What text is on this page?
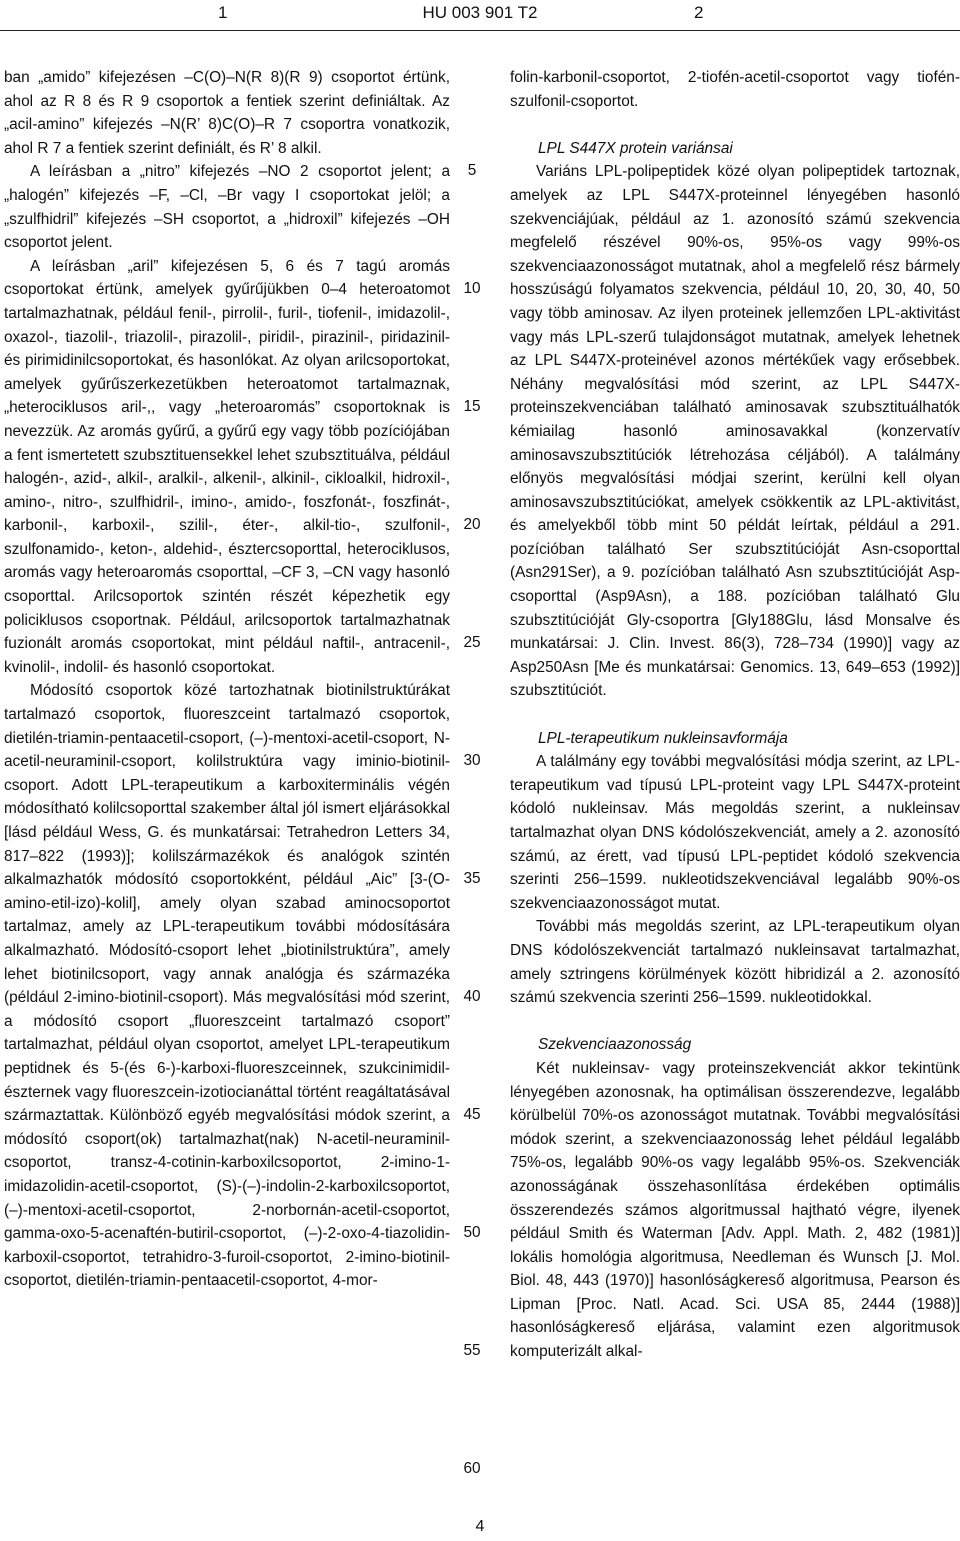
1	HU 003 901 T2	2
ban „amido” kifejezésen –C(O)–N(R 8)(R 9) csoportot értünk, ahol az R 8 és R 9 csoportok a fentiek szerint definiáltak. Az „acil-amino” kifejezés –N(R’ 8)C(O)–R 7 csoportra vonatkozik, ahol R 7 a fentiek szerint definiált, és R’ 8 alkil.
A leírásban a „nitro” kifejezés –NO 2 csoportot jelent; a „halogén” kifejezés –F, –Cl, –Br vagy I csoportokat jelöl; a „szulfhidril” kifejezés –SH csoportot, a „hidroxil” kifejezés –OH csoportot jelent.
A leírásban „aril” kifejezésen 5, 6 és 7 tagú aromás csoportokat értünk, amelyek gyűrűjükben 0–4 heteroatomot tartalmazhatnak, például fenil-, pirrolil-, furil-, tiofenil-, imidazolil-, oxazol-, tiazolil-, triazolil-, pirazolil-, piridil-, pirazinil-, piridazinil- és pirimidinilcsoportokat, és hasonlókat. Az olyan arilcsoportokat, amelyek gyűrűszerkezetükben heteroatomot tartalmaznak, „heterociklusos aril-,, vagy „heteroaromás” csoportoknak is nevezzük. Az aromás gyűrű, a gyűrű egy vagy több pozíciójában a fent ismertetett szubsztituensekkel lehet szubsztituálva, például halogén-, azid-, alkil-, aralkil-, alkenil-, alkinil-, cikloalkil, hidroxil-, amino-, nitro-, szulfhidril-, imino-, amido-, foszfonát-, foszfinát-, karbonil-, karboxil-, szilil-, éter-, alkil-tio-, szulfonil-, szulfonamido-, keton-, aldehid-, észtercsoporttal, heterociklusos, aromás vagy heteroaromás csoporttal, –CF 3, –CN vagy hasonló csoporttal. Arilcsoportok szintén részét képezhetik egy policiklusos csoportnak. Például, arilcsoportok tartalmazhatnak fuzionált aromás csoportokat, mint például naftil-, antracenil-, kvinolil-, indolil- és hasonló csoportokat.
Módosító csoportok közé tartozhatnak biotinilstruktúrákat tartalmazó csoportok, fluoreszceint tartalmazó csoportok, dietilén-triamin-pentaacetil-csoport, (–)-mentoxi-acetil-csoport, N-acetil-neuraminil-csoport, kolilstruktúra vagy iminio-biotinil-csoport. Adott LPL-terapeutikum a karboxiterminális végén módosítható kolilcsoporttal szakember által jól ismert eljárásokkal [lásd például Wess, G. és munkatársai: Tetrahedron Letters 34, 817–822 (1993)]; kolilszármazékok és analógok szintén alkalmazhatók módosító csoportokként, például „Aic” [3-(O-amino-etil-izo)-kolil], amely olyan szabad aminocsoportot tartalmaz, amely az LPL-terapeutikum további módosítására alkalmazható. Módosító-csoport lehet „biotinilstruktúra”, amely lehet biotinilcsoport, vagy annak analógja és származéka (például 2-imino-biotinil-csoport). Más megvalósítási mód szerint, a módosító csoport „fluoreszceint tartalmazó csoport” tartalmazhat, például olyan csoportot, amelyet LPL-terapeutikum peptidnek és 5-(és 6-)-karboxi-fluoreszceinnek, szukcinimidil-észternek vagy fluoreszcein-izotiocianáttal történt reagáltatásával származtattak. Különböző egyéb megvalósítási módok szerint, a módosító csoport(ok) tartalmazhat(nak) N-acetil-neuraminil-csoportot, transz-4-cotinin-karboxilcsoportot, 2-imino-1-imidazolidin-acetil-csoportot, (S)-(–)-indolin-2-karboxilcsoportot, (–)-mentoxi-acetil-csoportot, 2-norbornán-acetil-csoportot, gamma-oxo-5-acenaftén-butiril-csoportot, (–)-2-oxo-4-tiazolidin-karboxil-csoportot, tetrahidro-3-furoil-csoportot, 2-imino-biotinil-csoportot, dietilén-triamin-pentaacetil-csoportot, 4-mor-
folin-karbonil-csoportot, 2-tiofén-acetil-csoportot vagy tiofén-szulfonil-csoportot.
LPL S447X protein variánsai
Variáns LPL-polipeptidek közé olyan polipeptidek tartoznak, amelyek az LPL S447X-proteinnel lényegében hasonló szekvenciájúak, például az 1. azonosító számú szekvencia megfelelő részével 90%-os, 95%-os vagy 99%-os szekvenciaazonosságot mutatnak, ahol a megfelelő rész bármely hosszúságú folyamatos szekvencia, például 10, 20, 30, 40, 50 vagy több aminosav. Az ilyen proteinek jellemzően LPL-aktivitást vagy más LPL-szerű tulajdonságot mutatnak, amelyek lehetnek az LPL S447X-proteinével azonos mértékűek vagy erősebbek. Néhány megvalósítási mód szerint, az LPL S447X-proteinszekvenciában található aminosavak szubsztituálhatók kémiailag hasonló aminosavakkal (konzervatív aminosavszubsztitúciók létrehozása céljából). A találmány előnyös megvalósítási módjai szerint, kerülni kell olyan aminosavszubsztitúciókat, amelyek csökkentik az LPL-aktivitást, és amelyekből több mint 50 példát leírtak, például a 291. pozícióban található Ser szubsztitúcióját Asn-csoporttal (Asn291Ser), a 9. pozícióban található Asn szubsztitúcióját Asp-csoporttal (Asp9Asn), a 188. pozícióban található Glu szubsztitúcióját Gly-csoportra [Gly188Glu, lásd Monsalve és munkatársai: J. Clin. Invest. 86(3), 728–734 (1990)] vagy az Asp250Asn [Me és munkatársai: Genomics. 13, 649–653 (1992)] szubsztitúciót.
LPL-terapeutikum nukleinsavformája
A találmány egy további megvalósítási módja szerint, az LPL-terapeutikum vad típusú LPL-proteint vagy LPL S447X-proteint kódoló nukleinsav. Más megoldás szerint, a nukleinsav tartalmazhat olyan DNS kódolószekvenciát, amely a 2. azonosító számú, az érett, vad típusú LPL-peptidet kódoló szekvencia szerinti 256–1599. nukleotidszekvenciával legalább 90%-os szekvenciaazonosságot mutat.
További más megoldás szerint, az LPL-terapeutikum olyan DNS kódolószekvenciát tartalmazó nukleinsavat tartalmazhat, amely sztringens körülmények között hibridizál a 2. azonosító számú szekvencia szerinti 256–1599. nukleotidokkal.
Szekvenciaazonosság
Két nukleinsav- vagy proteinszekvenciát akkor tekintünk lényegében azonosnak, ha optimálisan összerendezve, legalább körülbelül 70%-os azonosságot mutatnak. További megvalósítási módok szerint, a szekvenciaazonosság lehet például legalább 75%-os, legalább 90%-os vagy legalább 95%-os. Szekvenciák azonosságának összehasonlítása érdekében optimális összerendezés számos algoritmussal hajtható végre, ilyenek például Smith és Waterman [Adv. Appl. Math. 2, 482 (1981)] lokális homológia algoritmusa, Needleman és Wunsch [J. Mol. Biol. 48, 443 (1970)] hasonlóságkereső algoritmusa, Pearson és Lipman [Proc. Natl. Acad. Sci. USA 85, 2444 (1988)] hasonlóságkereső eljárása, valamint ezen algoritmusok komputerizált alkal-
5
10
15
20
25
30
35
40
45
50
55
60
4
